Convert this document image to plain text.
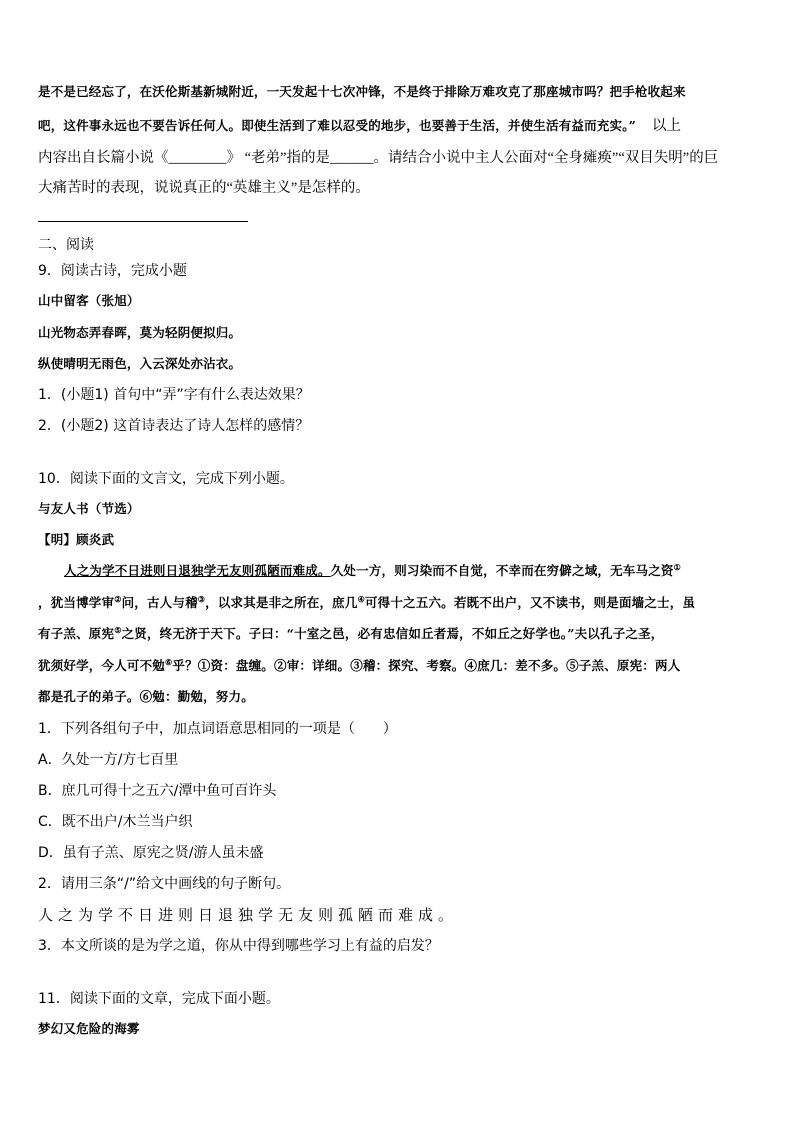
是不是已经忘了，在沃伦斯基新城附近，一天发起十七次冲锋，不是终于排除万难攻克了那座城市吗？把手枪收起来
吧，这件事永远也不要告诉任何人。即使生活到了难以忍受的地步，也要善于生活，并使生活有益而充实。” 以上
内容出自长篇小说《________》 “老弟”指的是______。请结合小说中主人公面对“全身瘫痪”“双目失明”的巨
大痛苦时的表现，说说真正的“英雄主义”是怎样的。
二、阅读
9．阅读古诗，完成小题
山中留客（张旭）
山光物态弄春晖，莫为轻阴便拟归。
纵使晴明无雨色，入云深处亦沾衣。
1．(小题1) 首句中“弄”字有什么表达效果？
2．(小题2) 这首诗表达了诗人怎样的感情？
10．阅读下面的文言文，完成下列小题。
与友人书（节选）
【明】顾炎武
人之为学不日进则日退独学无友则孤陋而难成。久处一方，则习染而不自觉，不幸而在穷僻之域，无车马之资①
，犹当博学审②问，古人与稽③，以求其是非之所在，庶几④可得十之五六。若既不出户，又不读书，则是面墙之士，虽
有子羔、原宪⑤之贤，终无济于天下。子曰：“十室之邑，必有忠信如丘者焉，不如丘之好学也。”夫以孔子之圣，
犹须好学，今人可不勉⑥乎？①资：盘缠。②审：详细。③稽：探究、考察。④庶几：差不多。⑤子羔、原宪：两人
都是孔子的弟子。⑥勉：勤勉，努力。
1．下列各组句子中，加点词语意思相同的一项是（　　）
A．久处一方/方七百里
B．庶几可得十之五六/潭中鱼可百许头
C．既不出户/木兰当户织
D．虽有子羔、原宪之贤/游人虽未盛
2．请用三条“/”给文中画线的句子断句。
人之为学不日进则日退独学无友则孤陋而难成。
3．本文所谈的是为学之道，你从中得到哪些学习上有益的启发？
11．阅读下面的文章，完成下面小题。
梦幻又危险的海雾
